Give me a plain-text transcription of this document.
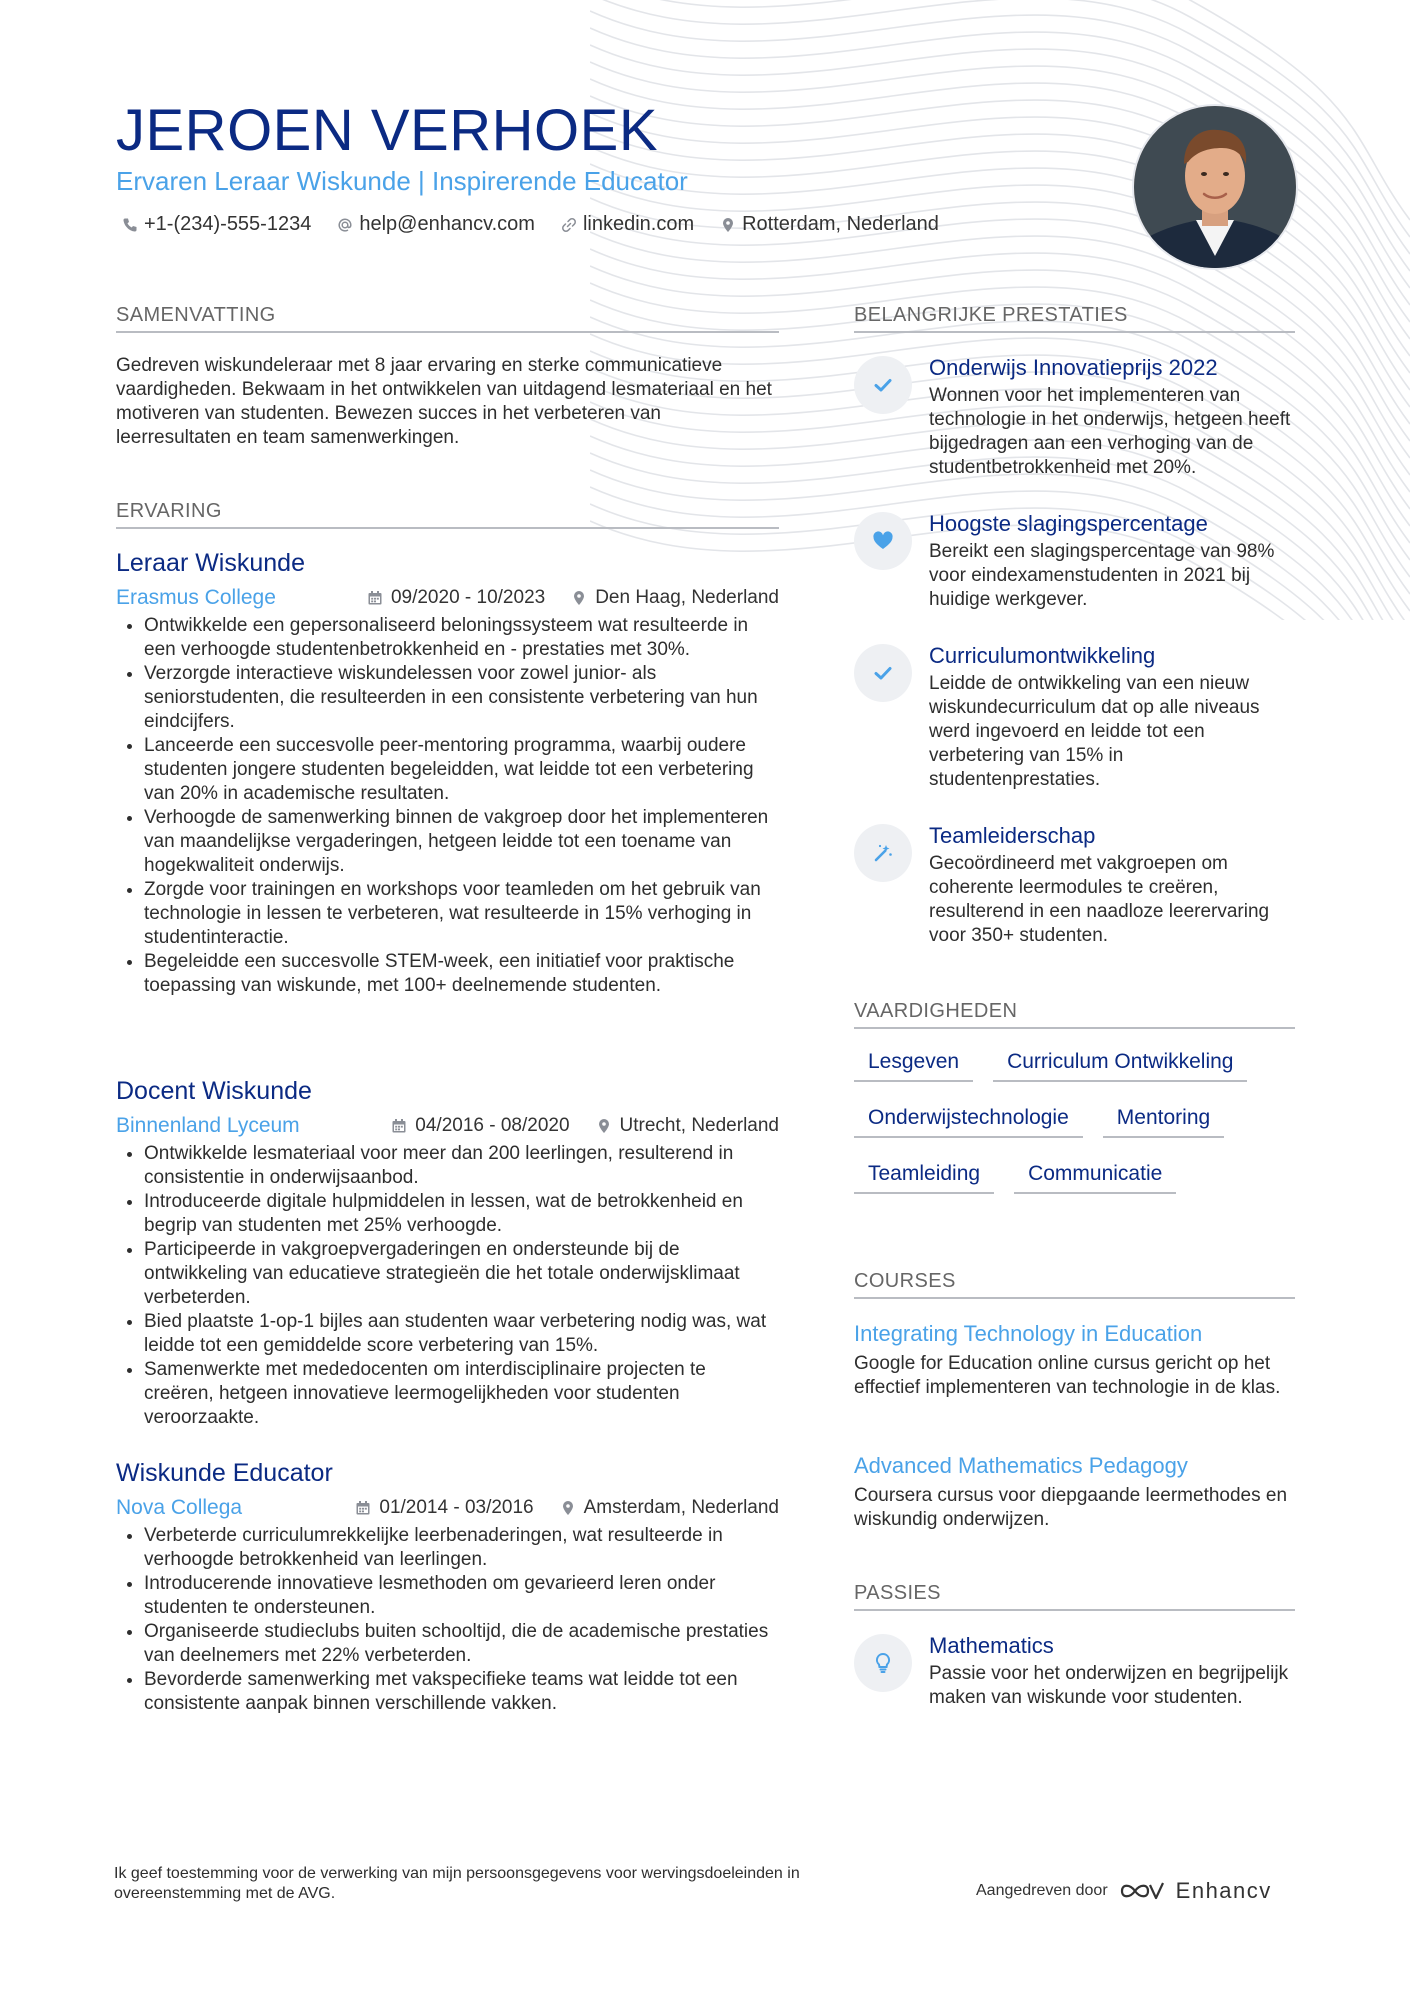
JEROEN VERHOEK

Ervaren Leraar Wiskunde | Inspirerende Educator

+1-(234)-555-1234 help@enhancv.com linkedin.com Rotterdam, Nederland
SAMENVATTING

Gedreven wiskundeleraar met 8 jaar ervaring en sterke communicatieve vaardigheden. Bekwaam in het ontwikkelen van uitdagend lesmateriaal en het motiveren van studenten. Bewezen succes in het verbeteren van leerresultaten en team samenwerkingen.

ERVARING
Leraar Wiskunde
Erasmus College	09/2020 - 10/2023	Den Haag, Nederland
• Ontwikkelde een gepersonaliseerd beloningssysteem wat resulteerde in een verhoogde studentenbetrokkenheid en - prestaties met 30%.
• Verzorgde interactieve wiskundelessen voor zowel junior- als seniorstudenten, die resulteerden in een consistente verbetering van hun eindcijfers.
• Lanceerde een succesvolle peer-mentoring programma, waarbij oudere studenten jongere studenten begeleidden, wat leidde tot een verbetering van 20% in academische resultaten.
• Verhoogde de samenwerking binnen de vakgroep door het implementeren van maandelijkse vergaderingen, hetgeen leidde tot een toename van hogekwaliteit onderwijs.
• Zorgde voor trainingen en workshops voor teamleden om het gebruik van technologie in lessen te verbeteren, wat resulteerde in 15% verhoging in studentinteractie.
• Begeleidde een succesvolle STEM-week, een initiatief voor praktische toepassing van wiskunde, met 100+ deelnemende studenten.
Docent Wiskunde
Binnenland Lyceum	04/2016 - 08/2020	Utrecht, Nederland
• Ontwikkelde lesmateriaal voor meer dan 200 leerlingen, resulterend in consistentie in onderwijsaanbod.
• Introduceerde digitale hulpmiddelen in lessen, wat de betrokkenheid en begrip van studenten met 25% verhoogde.
• Participeerde in vakgroepvergaderingen en ondersteunde bij de ontwikkeling van educatieve strategieën die het totale onderwijsklimaat verbeterden.
• Bied plaatste 1-op-1 bijles aan studenten waar verbetering nodig was, wat leidde tot een gemiddelde score verbetering van 15%.
• Samenwerkte met mededocenten om interdisciplinaire projecten te creëren, hetgeen innovatieve leermogelijkheden voor studenten veroorzaakte.
Wiskunde Educator
Nova Collega	01/2014 - 03/2016	Amsterdam, Nederland
• Verbeterde curriculumrekkelijke leerbenaderingen, wat resulteerde in verhoogde betrokkenheid van leerlingen.
• Introducerende innovatieve lesmethoden om gevarieerd leren onder studenten te ondersteunen.
• Organiseerde studieclubs buiten schooltijd, die de academische prestaties van deelnemers met 22% verbeterden.
• Bevorderde samenwerking met vakspecifieke teams wat leidde tot een consistente aanpak binnen verschillende vakken.
BELANGRIJKE PRESTATIES
Onderwijs Innovatieprijs 2022

Wonnen voor het implementeren van technologie in het onderwijs, hetgeen heeft bijgedragen aan een verhoging van de studentbetrokkenheid met 20%.

Hoogste slagingspercentage

Bereikt een slagingspercentage van 98% voor eindexamenstudenten in 2021 bij huidige werkgever.

Curriculumontwikkeling

Leidde de ontwikkeling van een nieuw wiskundecurriculum dat op alle niveaus werd ingevoerd en leidde tot een verbetering van 15% in studentenprestaties.

Teamleiderschap

Gecoördineerd met vakgroepen om coherente leermodules te creëren, resulterend in een naadloze leerervaring voor 350+ studenten.

VAARDIGHEDEN
Lesgeven	Curriculum Ontwikkeling
Onderwijstechnologie	Mentoring
Teamleiding	Communicatie
COURSES
Integrating Technology in Education

Google for Education online cursus gericht op het effectief implementeren van technologie in de klas.

Advanced Mathematics Pedagogy

Coursera cursus voor diepgaande leermethodes en wiskundig onderwijzen.

PASSIES
Mathematics

Passie voor het onderwijzen en begrijpelijk maken van wiskunde voor studenten.

Ik geef toestemming voor de verwerking van mijn persoonsgegevens voor wervingsdoeleinden in overeenstemming met de AVG.	Aangedreven door	Enhancv
